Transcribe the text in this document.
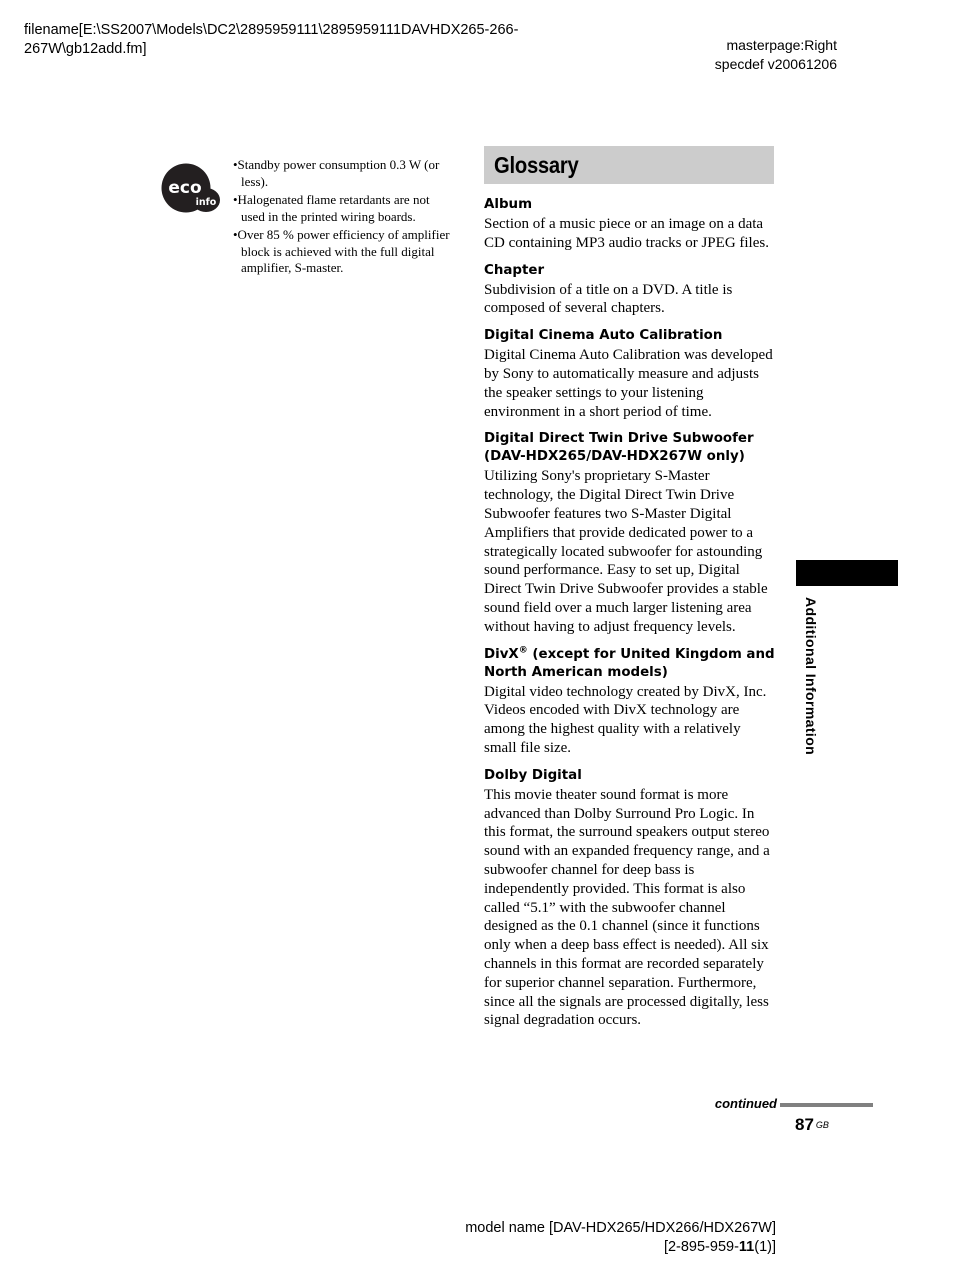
filename[E:\SS2007\Models\DC2\2895959111\2895959111DAVHDX265-266-
267W\gb12add.fm]	masterpage:Right
specdef v20061206
eco
info
•Standby power consumption 0.3 W (or less).
•Halogenated flame retardants are not used in the printed wiring boards.
•Over 85 % power efficiency of amplifier block is achieved with the full digital amplifier, S-master.
Glossary

Album

Section of a music piece or an image on a data CD containing MP3 audio tracks or JPEG files.

Chapter

Subdivision of a title on a DVD. A title is composed of several chapters.

Digital Cinema Auto Calibration

Digital Cinema Auto Calibration was developed by Sony to automatically measure and adjusts the speaker settings to your listening environment in a short period of time.

Digital Direct Twin Drive Subwoofer (DAV-HDX265/DAV-HDX267W only)

Utilizing Sony's proprietary S-Master technology, the Digital Direct Twin Drive Subwoofer features two S-Master Digital Amplifiers that provide dedicated power to a strategically located subwoofer for astounding sound performance. Easy to set up, Digital Direct Twin Drive Subwoofer provides a stable sound field over a much larger listening area without having to adjust frequency levels.

DivX® (except for United Kingdom and North American models)

Digital video technology created by DivX, Inc. Videos encoded with DivX technology are among the highest quality with a relatively small file size.

Dolby Digital

This movie theater sound format is more advanced than Dolby Surround Pro Logic. In this format, the surround speakers output stereo sound with an expanded frequency range, and a subwoofer channel for deep bass is independently provided. This format is also called “5.1” with the subwoofer channel designed as the 0.1 channel (since it functions only when a deep bass effect is needed). All six channels in this format are recorded separately for superior channel separation. Furthermore, since all the signals are processed digitally, less signal degradation occurs.

Additional Information
continued
87 $^{GB}$
model name [DAV-HDX265/HDX266/HDX267W]
[2-895-959-11(1)]
